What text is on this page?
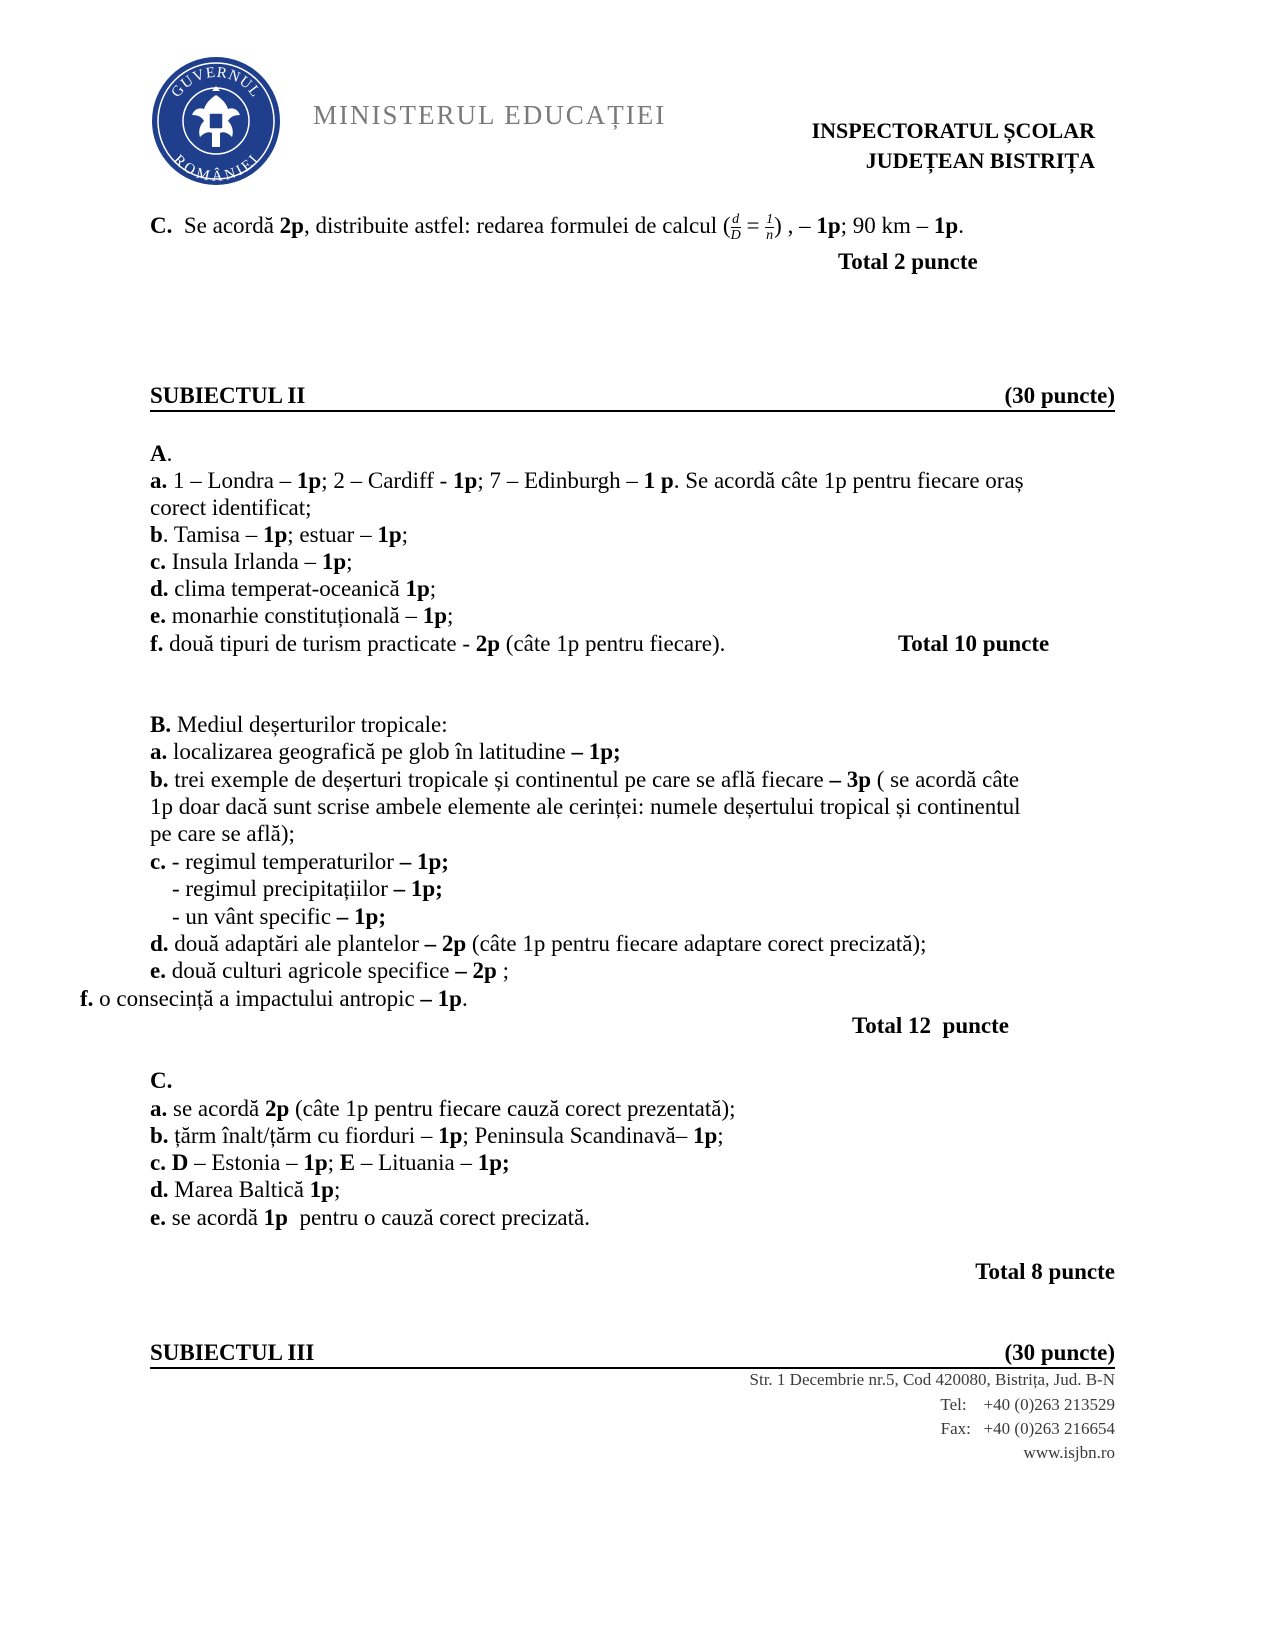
GUVERNUL
ROMÂNIEI
MINISTERUL EDUCAȚIEI
INSPECTORATUL ȘCOLAR
JUDEȚEAN BISTRIȚA
C. Se acordă 2p, distribuite astfel: redarea formulei de calcul ( $\frac{d}{D} = \frac{1}{n}$ ) , – 1p; 90 km – 1p.
Total 2 puncte
SUBIECTUL II	(30 puncte)
A.
a. 1 – Londra – 1p; 2 – Cardiff - 1p; 7 – Edinburgh – 1 p. Se acordă câte 1p pentru fiecare oraș
corect identificat;
b. Tamisa – 1p; estuar – 1p;
c. Insula Irlanda – 1p;
d. clima temperat-oceanică 1p;
e. monarhie constituțională – 1p;
f. două tipuri de turism practicate - 2p (câte 1p pentru fiecare).	Total 10 puncte
B. Mediul deșerturilor tropicale:
a. localizarea geografică pe glob în latitudine – 1p;
b. trei exemple de deșerturi tropicale și continentul pe care se află fiecare – 3p ( se acordă câte
1p doar dacă sunt scrise ambele elemente ale cerinței: numele deșertului tropical și continentul
pe care se află);
c. - regimul temperaturilor – 1p;
- regimul precipitațiilor – 1p;
- un vânt specific – 1p;
d. două adaptări ale plantelor – 2p (câte 1p pentru fiecare adaptare corect precizată);
e. două culturi agricole specifice – 2p ;
f. o consecință a impactului antropic – 1p.
Total 12  puncte
C.
a. se acordă 2p (câte 1p pentru fiecare cauză corect prezentată);
b. țărm înalt/țărm cu fiorduri – 1p; Peninsula Scandinavă– 1p;
c. D – Estonia – 1p; E – Lituania – 1p;
d. Marea Baltică 1p;
e. se acordă 1p  pentru o cauză corect precizată.
Total 8 puncte
SUBIECTUL III	(30 puncte)
Str. 1 Decembrie nr.5, Cod 420080, Bistrița, Jud. B-N
Tel:    +40 (0)263 213529
Fax:   +40 (0)263 216654
www.isjbn.ro
